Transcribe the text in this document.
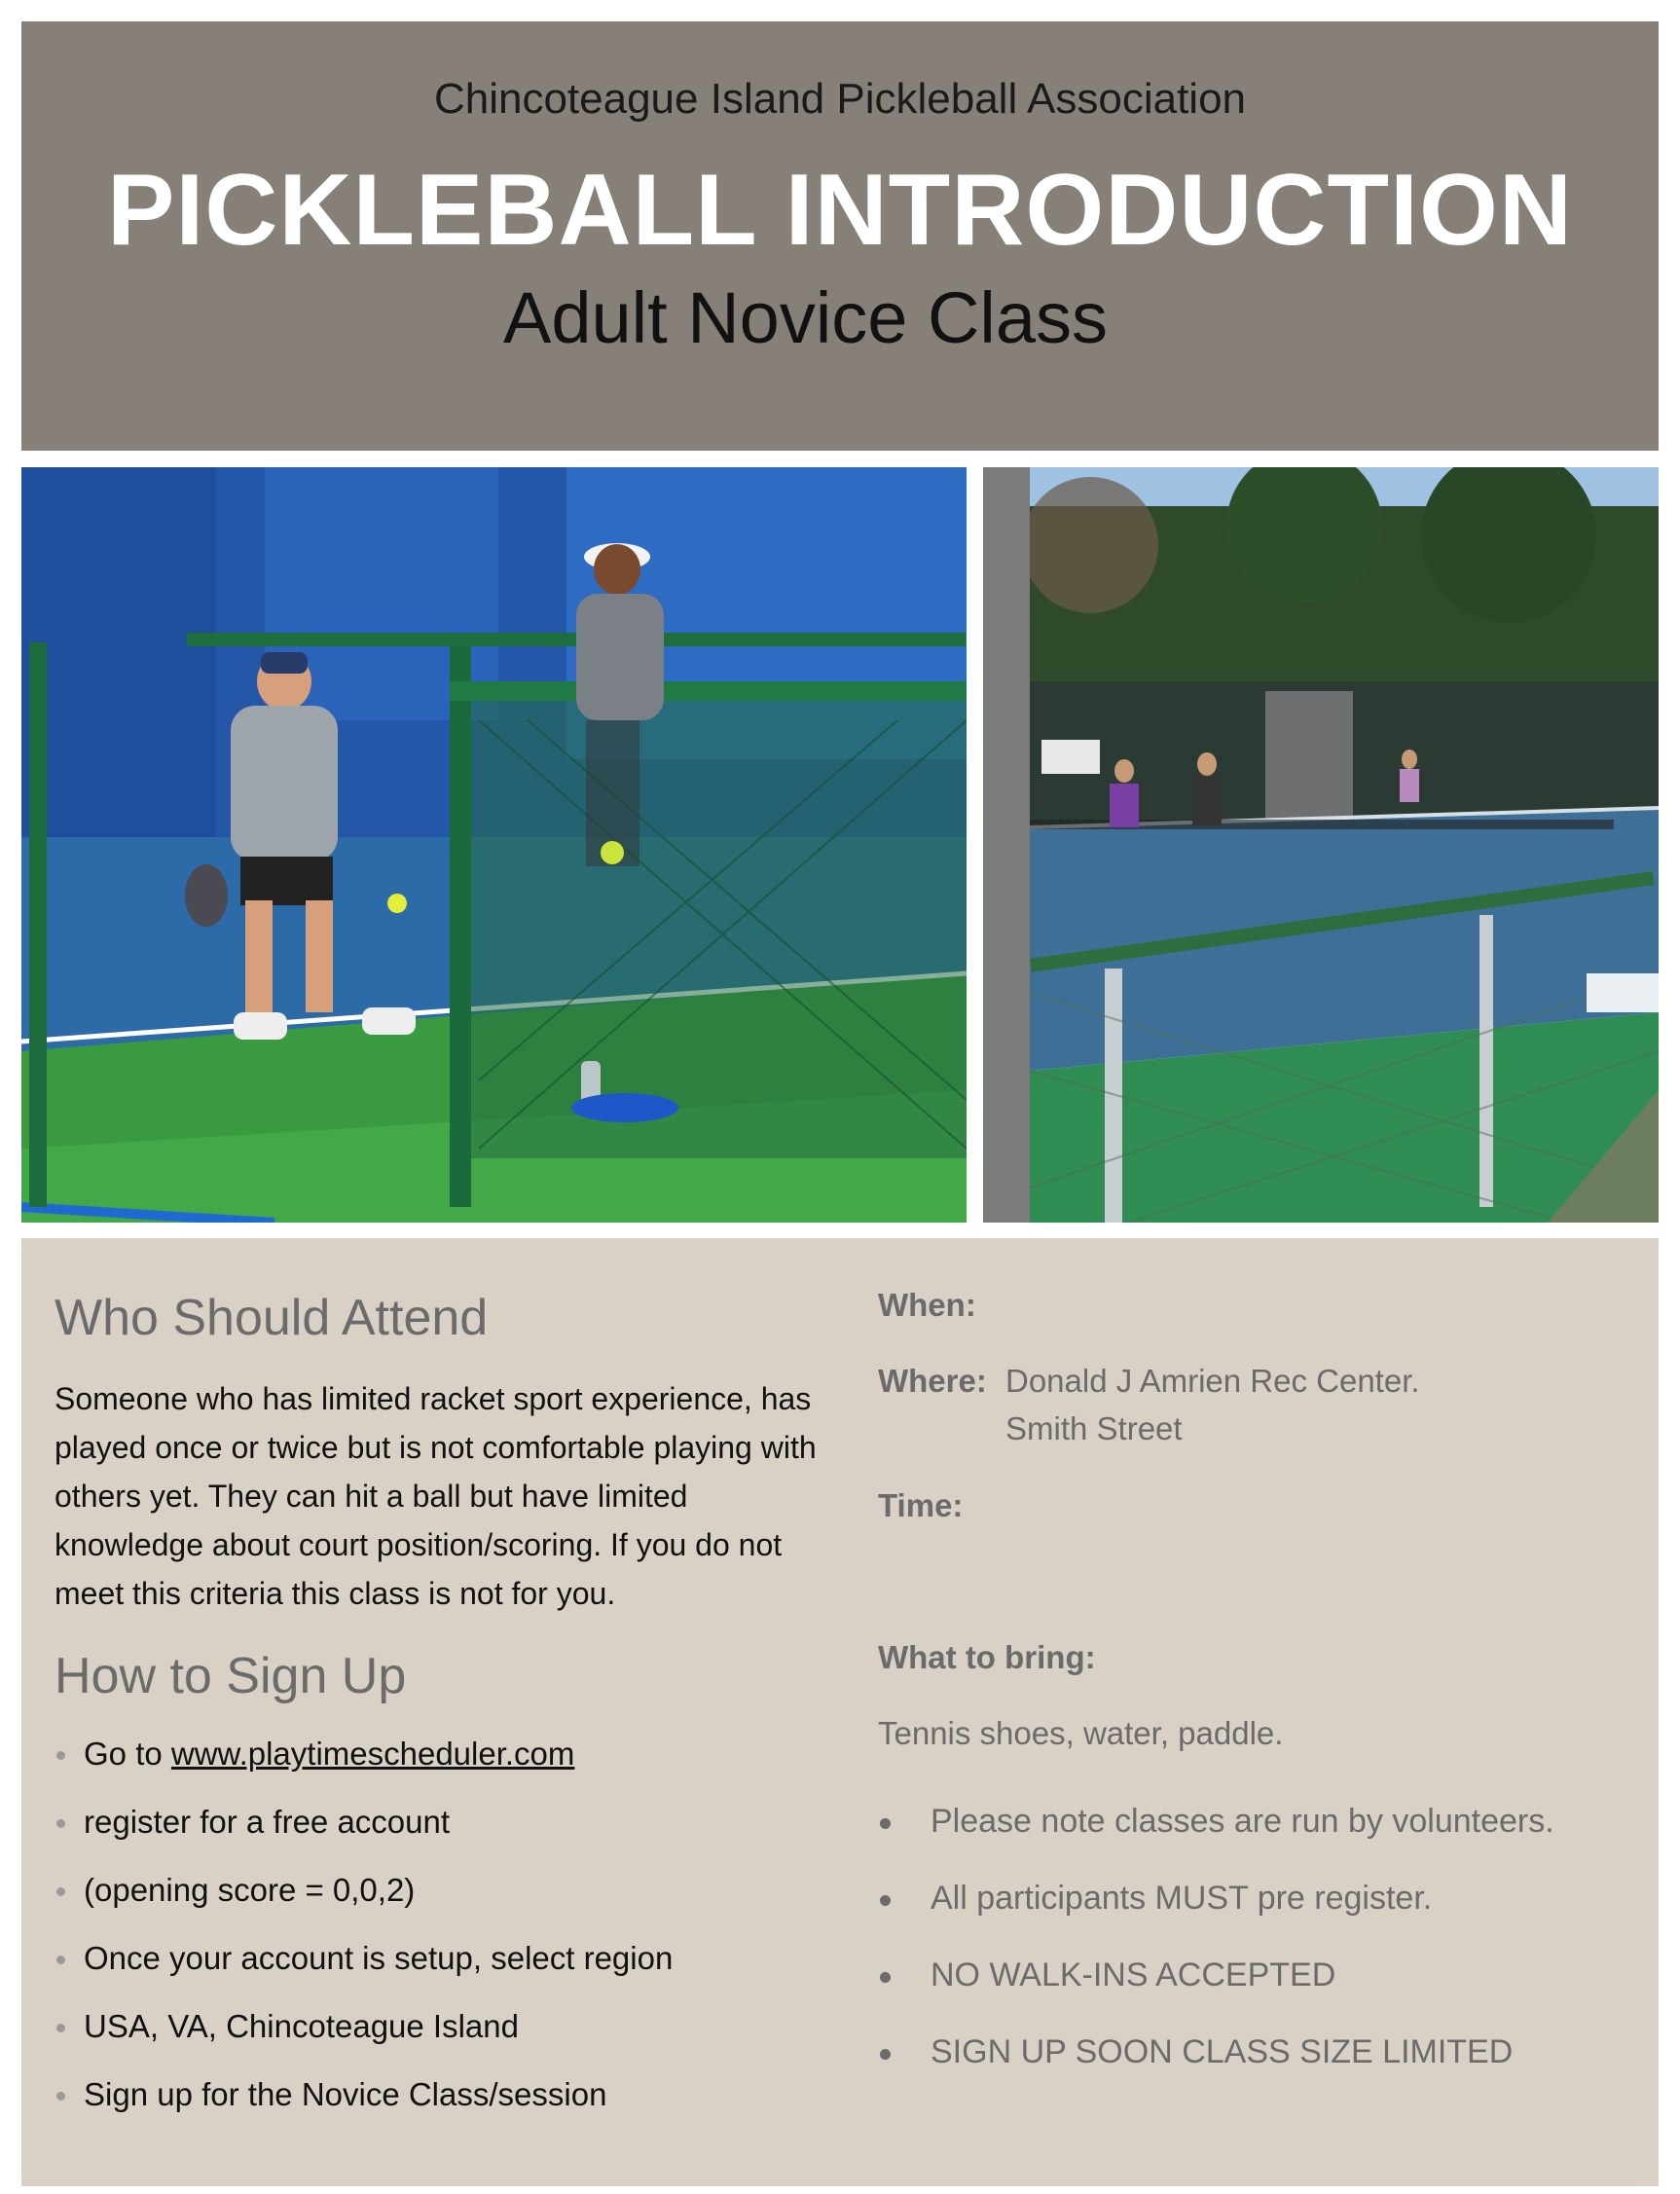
Chincoteague Island Pickleball Association
PICKLEBALL INTRODUCTION
Adult Novice Class
Who Should Attend
Someone who has limited racket sport experience, has played once or twice but is not comfortable playing with others yet. They can hit a ball but have limited knowledge about court position/scoring. If you do not meet this criteria this class is not for you.
How to Sign Up
Go to www.playtimescheduler.com
register for a free account
(opening score = 0,0,2)
Once your account is setup, select region
USA, VA, Chincoteague Island
Sign up for the Novice Class/session
When:
Where: Donald J Amrien Rec Center.
Smith Street
Time:
What to bring:
Tennis shoes, water, paddle.
Please note classes are run by volunteers.
All participants MUST pre register.
NO WALK-INS ACCEPTED
SIGN UP SOON CLASS SIZE LIMITED
